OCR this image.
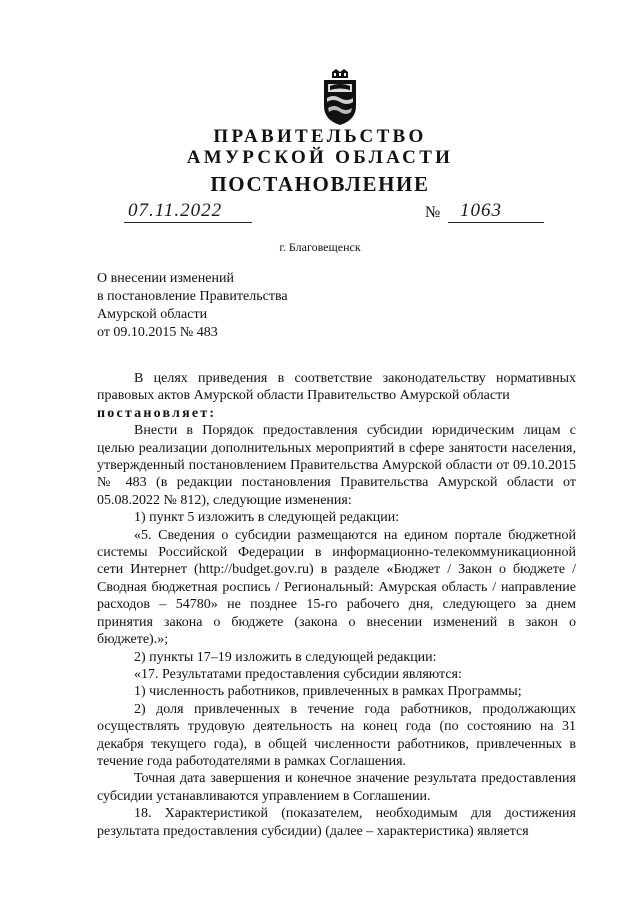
ПРАВИТЕЛЬСТВО
АМУРСКОЙ ОБЛАСТИ
ПОСТАНОВЛЕНИЕ
07.11.2022	№ 1063
г. Благовещенск
О внесении изменений
в постановление Правительства
Амурской области
от 09.10.2015 № 483

В целях приведения в соответствие законодательству нормативных правовых актов Амурской области Правительство Амурской области

постановляет:

Внести в Порядок предоставления субсидии юридическим лицам с целью реализации дополнительных мероприятий в сфере занятости населения, утвержденный постановлением Правительства Амурской области от 09.10.2015 № 483 (в редакции постановления Правительства Амурской области от 05.08.2022 № 812), следующие изменения:

1) пункт 5 изложить в следующей редакции:

«5. Сведения о субсидии размещаются на едином портале бюджетной системы Российской Федерации в информационно-телекоммуникационной сети Интернет (http://budget.gov.ru) в разделе «Бюджет / Закон о бюджете / Сводная бюджетная роспись / Региональный: Амурская область / направление расходов – 54780» не позднее 15-го рабочего дня, следующего за днем принятия закона о бюджете (закона о внесении изменений в закон о бюджете).»;

2) пункты 17–19 изложить в следующей редакции:

«17. Результатами предоставления субсидии являются:

1) численность работников, привлеченных в рамках Программы;

2) доля привлеченных в течение года работников, продолжающих осуществлять трудовую деятельность на конец года (по состоянию на 31 декабря текущего года), в общей численности работников, привлеченных в течение года работодателями в рамках Соглашения.

Точная дата завершения и конечное значение результата предоставления субсидии устанавливаются управлением в Соглашении.

18. Характеристикой (показателем, необходимым для достижения результата предоставления субсидии) (далее – характеристика) является
